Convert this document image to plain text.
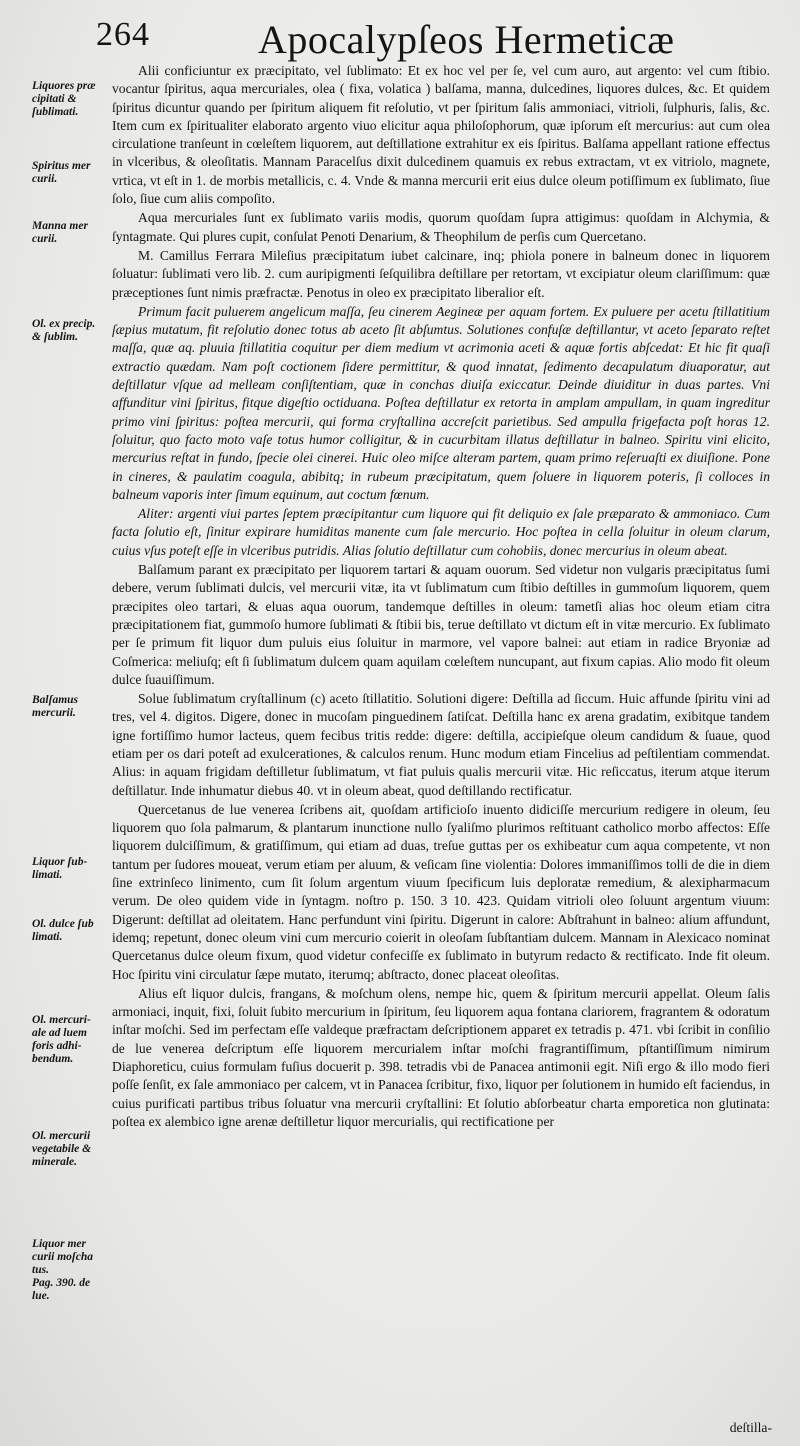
264	Apocalypſeos Hermeticæ
Liquores præ
cipitati &
ſublimati.
Spiritus mer
curii.
Manna mer
curii.
Ol. ex precip.
& ſublim.
Balſamus
mercurii.
Liquor ſub-
limati.
Ol. dulce ſub
limati.
Ol. mercuri-
ale ad luem
foris adhi-
bendum.
Ol. mercurii
vegetabile &
minerale.
Liquor mer
curii moſcha
tus.
Pag. 390. de
lue.

Alii conficiuntur ex præcipitato, vel ſublimato: Et ex hoc vel per ſe, vel cum auro, aut argento: vel cum ſtibio. vocantur ſpiritus, aqua mercuriales, olea ( fixa, volatica ) balſama, manna, dulcedines, liquores dulces, &c. Et quidem ſpiritus dicuntur quando per ſpiritum aliquem fit reſolutio, vt per ſpiritum ſalis ammoniaci, vitrioli, ſulphuris, ſalis, &c. Item cum ex ſpiritualiter elaborato argento viuo elicitur aqua philoſophorum, quæ ipſorum eſt mercurius: aut cum olea circulatione tranſeunt in cœleſtem liquorem, aut deſtillatione extrahitur ex eis ſpiritus. Balſama appellant ratione effectus in vlceribus, & oleoſitatis. Mannam Paracelſus dixit dulcedinem quamuis ex rebus extractam, vt ex vitriolo, magnete, vrtica, vt eſt in 1. de morbis metallicis, c. 4. Vnde & manna mercurii erit eius dulce oleum potiſſimum ex ſublimato, ſiue ſolo, ſiue cum aliis compoſito.

Aqua mercuriales ſunt ex ſublimato variis modis, quorum quoſdam ſupra attigimus: quoſdam in Alchymia, & ſyntagmate. Qui plures cupit, conſulat Penoti Denarium, & Theophilum de perſis cum Quercetano.

M. Camillus Ferrara Mileſius præcipitatum iubet calcinare, inq; phiola ponere in balneum donec in liquorem ſoluatur: ſublimati vero lib. 2. cum auripigmenti ſeſquilibra deſtillare per retortam, vt excipiatur oleum clariſſimum: quæ præceptiones ſunt nimis præfractæ. Penotus in oleo ex præcipitato liberalior eſt.

Primum facit puluerem angelicum maſſa, ſeu cinerem Aegineæ per aquam fortem. Ex puluere per acetu ſtillatitium ſæpius mutatum, fit reſolutio donec totus ab aceto ſit abſumtus. Solutiones confuſæ deſtillantur, vt aceto ſeparato reſtet maſſa, quæ aq. pluuia ſtillatitia coquitur per diem medium vt acrimonia aceti & aquæ fortis abſcedat: Et hic fit quaſi extractio quædam. Nam poſt coctionem ſidere permittitur, & quod innatat, ſedimento decapulatum diuaporatur, aut deſtillatur vſque ad melleam conſiſtentiam, quæ in conchas diuiſa exiccatur. Deinde diuiditur in duas partes. Vni affunditur vini ſpiritus, fitque digeſtio octiduana. Poſtea deſtillatur ex retorta in amplam ampullam, in quam ingreditur primo vini ſpiritus: poſtea mercurii, qui forma cryſtallina accreſcit parietibus. Sed ampulla frigefacta poſt horas 12. ſoluitur, quo facto moto vaſe totus humor colligitur, & in cucurbitam illatus deſtillatur in balneo. Spiritu vini elicito, mercurius reſtat in fundo, ſpecie olei cinerei. Huic oleo miſce alteram partem, quam primo reſeruaſti ex diuiſione. Pone in cineres, & paulatim coagula, abibitq; in rubeum præcipitatum, quem ſoluere in liquorem poteris, ſi colloces in balneum vaporis inter ſimum equinum, aut coctum fœnum.

Aliter: argenti viui partes ſeptem præcipitantur cum liquore qui fit deliquio ex ſale præparato & ammoniaco. Cum facta ſolutio eſt, ſinitur expirare humiditas manente cum ſale mercurio. Hoc poſtea in cella ſoluitur in oleum clarum, cuius vſus poteſt eſſe in vlceribus putridis. Alias ſolutio deſtillatur cum cohobiis, donec mercurius in oleum abeat.

Balſamum parant ex præcipitato per liquorem tartari & aquam ouorum. Sed videtur non vulgaris præcipitatus ſumi debere, verum ſublimati dulcis, vel mercurii vitæ, ita vt ſublimatum cum ſtibio deſtilles in gummoſum liquorem, quem præcipites oleo tartari, & eluas aqua ouorum, tandemque deſtilles in oleum: tametſi alias hoc oleum etiam citra præcipitationem fiat, gummoſo humore ſublimati & ſtibii bis, terue deſtillato vt dictum eſt in vitæ mercurio. Ex ſublimato per ſe primum fit liquor dum puluis eius ſoluitur in marmore, vel vapore balnei: aut etiam in radice Bryoniæ ad Coſmerica: meliuſq; eſt ſi ſublimatum dulcem quam aquilam cœleſtem nuncupant, aut fixum capias. Alio modo fit oleum dulce ſuauiſſimum.

Solue ſublimatum cryſtallinum (c) aceto ſtillatitio. Solutioni digere: Deſtilla ad ſiccum. Huic affunde ſpiritu vini ad tres, vel 4. digitos. Digere, donec in mucoſam pinguedinem ſatiſcat. Deſtilla hanc ex arena gradatim, exibitque tandem igne fortiſſimo humor lacteus, quem fecibus tritis redde: digere: deſtilla, accipieſque oleum candidum & ſuaue, quod etiam per os dari poteſt ad exulcerationes, & calculos renum. Hunc modum etiam Fincelius ad peſtilentiam commendat. Alius: in aquam frigidam deſtilletur ſublimatum, vt fiat puluis qualis mercurii vitæ. Hic reſiccatus, iterum atque iterum deſtillatur. Inde inhumatur diebus 40. vt in oleum abeat, quod deſtillando rectificatur.

Quercetanus de lue venerea ſcribens ait, quoſdam artificioſo inuento didiciſſe mercurium redigere in oleum, ſeu liquorem quo ſola palmarum, & plantarum inunctione nullo ſyaliſmo plurimos reſtituant catholico morbo affectos: Eſſe liquorem dulciſſimum, & gratiſſimum, qui etiam ad duas, treſue guttas per os exhibeatur cum aqua competente, vt non tantum per ſudores moueat, verum etiam per aluum, & veſicam ſine violentia: Dolores immaniſſimos tolli de die in diem ſine extrinſeco linimento, cum ſit ſolum argentum viuum ſpecificum luis deploratæ remedium, & alexipharmacum verum. De oleo quidem vide in ſyntagm. noſtro p. 150. 3 10. 423. Quidam vitrioli oleo ſoluunt argentum viuum: Digerunt: deſtillat ad oleitatem. Hanc perfundunt vini ſpiritu. Digerunt in calore: Abſtrahunt in balneo: alium affundunt, idemq; repetunt, donec oleum vini cum mercurio coierit in oleoſam ſubſtantiam dulcem. Mannam in Alexicaco nominat Quercetanus dulce oleum fixum, quod videtur confeciſſe ex ſublimato in butyrum redacto & rectificato. Inde fit oleum. Hoc ſpiritu vini circulatur ſæpe mutato, iterumq; abſtracto, donec placeat oleoſitas.

Alius eſt liquor dulcis, frangans, & moſchum olens, nempe hic, quem & ſpiritum mercurii appellat. Oleum ſalis armoniaci, inquit, fixi, ſoluit ſubito mercurium in ſpiritum, ſeu liquorem aqua fontana clariorem, fragrantem & odoratum inſtar moſchi. Sed im perfectam eſſe valdeque præfractam deſcriptionem apparet ex tetradis p. 471. vbi ſcribit in conſilio de lue venerea deſcriptum eſſe liquorem mercurialem inſtar moſchi fragrantiſſimum, pſtantiſſimum nimirum Diaphoreticu, cuius formulam fuſius docuerit p. 398. tetradis vbi de Panacea antimonii egit. Niſi ergo & illo modo fieri poſſe ſenſit, ex ſale ammoniaco per calcem, vt in Panacea ſcribitur, fixo, liquor per ſolutionem in humido eſt faciendus, in cuius purificati partibus tribus ſoluatur vna mercurii cryſtallini: Et ſolutio abſorbeatur charta emporetica non glutinata: poſtea ex alembico igne arenæ deſtilletur liquor mercurialis, qui rectificatione per

deſtilla-
